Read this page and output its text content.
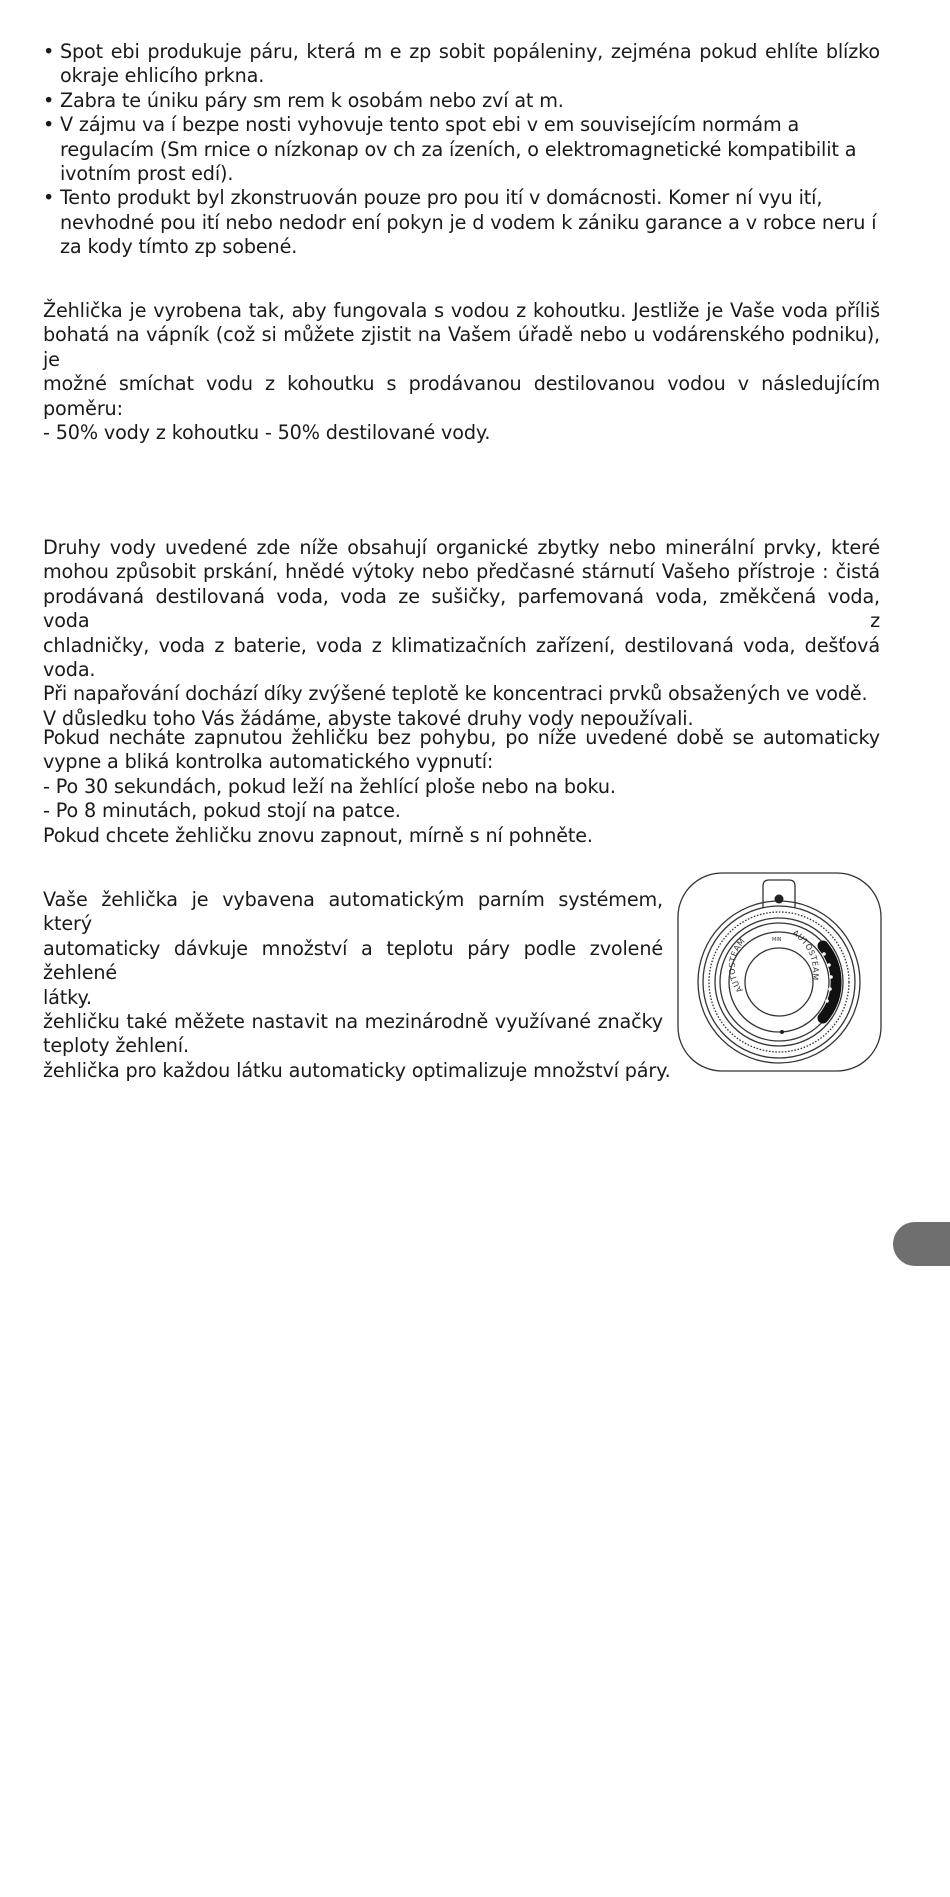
• Spot ebi produkuje páru, která m e zp sobit popáleniny, zejména pokud ehlíte blízko okraje ehlicího prkna.
• Zabra te úniku páry sm rem k osobám nebo zví at m.
• V zájmu va í bezpe nosti vyhovuje tento spot ebi v em souvisejícím normám a regulacím (Sm rnice o nízkonap ov ch za ízeních, o elektromagnetické kompatibilit a ivotním prost edí).
• Tento produkt byl zkonstruován pouze pro pou ití v domácnosti. Komer ní vyu ití, nevhodné pou ití nebo nedodr ení pokyn je d vodem k zániku garance a v robce neru í za kody tímto zp sobené.
Žehlička je vyrobena tak, aby fungovala s vodou z kohoutku. Jestliže je Vaše voda příliš
bohatá na vápník (což si můžete zjistit na Vašem úřadě nebo u vodárenského podniku), je
možné smíchat vodu z kohoutku s prodávanou destilovanou vodou v následujícím poměru:
- 50% vody z kohoutku - 50% destilované vody.
Druhy vody uvedené zde níže obsahují organické zbytky nebo minerální prvky, které
mohou způsobit prskání, hnědé výtoky nebo předčasné stárnutí Vašeho přístroje : čistá
prodávaná destilovaná voda, voda ze sušičky, parfemovaná voda, změkčená voda, voda z
chladničky, voda z baterie, voda z klimatizačních zařízení, destilovaná voda, dešťová voda.
Při napařování dochází díky zvýšené teplotě ke koncentraci prvků obsažených ve vodě.
V důsledku toho Vás žádáme, abyste takové druhy vody nepoužívali.
Pokud necháte zapnutou žehličku bez pohybu, po níže uvedené době se automaticky
vypne a bliká kontrolka automatického vypnutí:
- Po 30 sekundách, pokud leží na žehlící ploše nebo na boku.
- Po 8 minutách, pokud stojí na patce.
Pokud chcete žehličku znovu zapnout, mírně s ní pohněte.
Vaše žehlička je vybavena automatickým parním systémem, který
automaticky dávkuje množství a teplotu páry podle zvolené žehlené
látky.
žehličku také měžete nastavit na mezinárodně využívané značky
teploty žehlení.
žehlička pro každou látku automaticky optimalizuje množství páry.
MIN
AUTOSTEAM
AUTOSTEAM
